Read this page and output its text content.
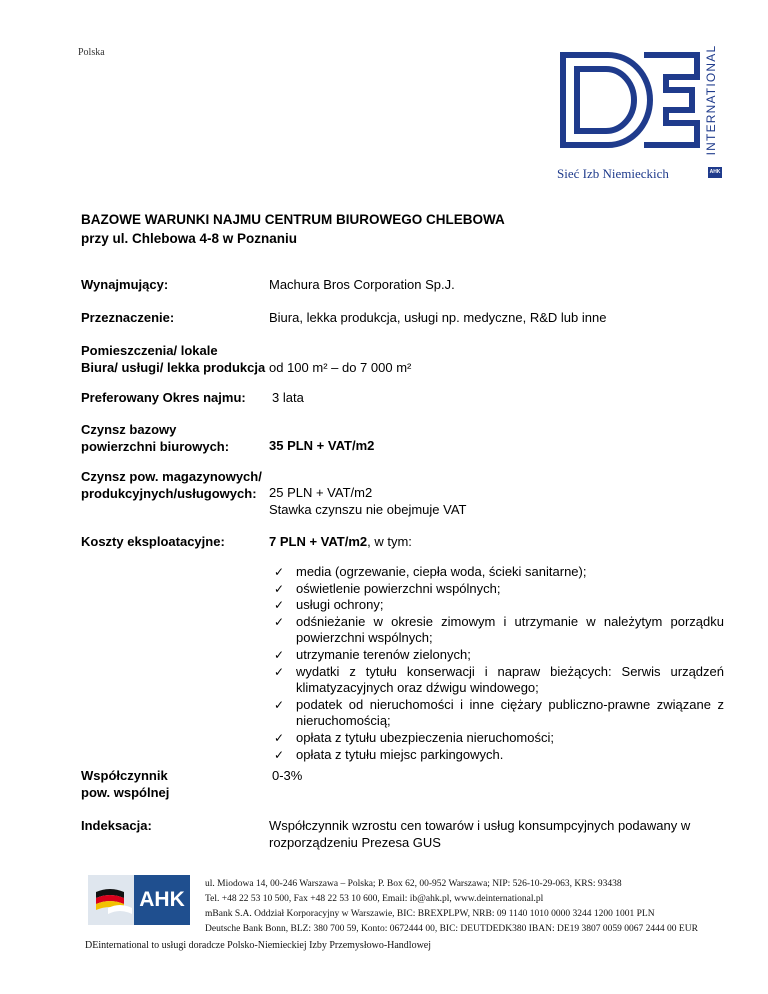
Polska	INTERNATIONAL
Sieć Izb Niemieckich	AHK
BAZOWE WARUNKI NAJMU CENTRUM BIUROWEGO CHLEBOWA
przy ul. Chlebowa 4-8 w Poznaniu
Wynajmujący:	Machura Bros Corporation Sp.J.
Przeznaczenie:	Biura, lekka produkcja, usługi np. medyczne, R&D lub inne
Pomieszczenia/ lokale
Biura/ usługi/ lekka produkcja od 100 m² – do 7 000 m²
Preferowany Okres najmu: 3 lata
Czynsz bazowy
powierzchni biurowych:	35 PLN + VAT/m2
Czynsz pow. magazynowych/
produkcyjnych/usługowych: 25 PLN + VAT/m2
Stawka czynszu nie obejmuje VAT
Koszty eksploatacyjne:	7 PLN + VAT/m2, w tym:
✓ media (ogrzewanie, ciepła woda, ścieki sanitarne);
✓ oświetlenie powierzchni wspólnych;
✓ usługi ochrony;
✓ odśnieżanie w okresie zimowym i utrzymanie w należytym porządku powierzchni wspólnych;
✓ utrzymanie terenów zielonych;
✓ wydatki z tytułu konserwacji i napraw bieżących: Serwis urządzeń klimatyzacyjnych oraz dźwigu windowego;
✓ podatek od nieruchomości i inne ciężary publiczno-prawne związane z nieruchomością;
✓ opłata z tytułu ubezpieczenia nieruchomości;
✓ opłata z tytułu miejsc parkingowych.
Współczynnik
pow. wspólnej
0-3%
Indeksacja:	Współczynnik wzrostu cen towarów i usług konsumpcyjnych podawany w
rozporządzeniu Prezesa GUS
AHK
ul. Miodowa 14, 00-246 Warszawa – Polska; P. Box 62, 00-952 Warszawa; NIP: 526-10-29-063, KRS: 93438
Tel. +48 22 53 10 500, Fax +48 22 53 10 600, Email: ib@ahk.pl, www.deinternational.pl
mBank S.A. Oddział Korporacyjny w Warszawie, BIC: BREXPLPW, NRB: 09 1140 1010 0000 3244 1200 1001 PLN
Deutsche Bank Bonn, BLZ: 380 700 59, Konto: 0672444 00, BIC: DEUTDEDK380 IBAN: DE19 3807 0059 0067 2444 00 EUR
DEinternational to usługi doradcze Polsko-Niemieckiej Izby Przemysłowo-Handlowej
